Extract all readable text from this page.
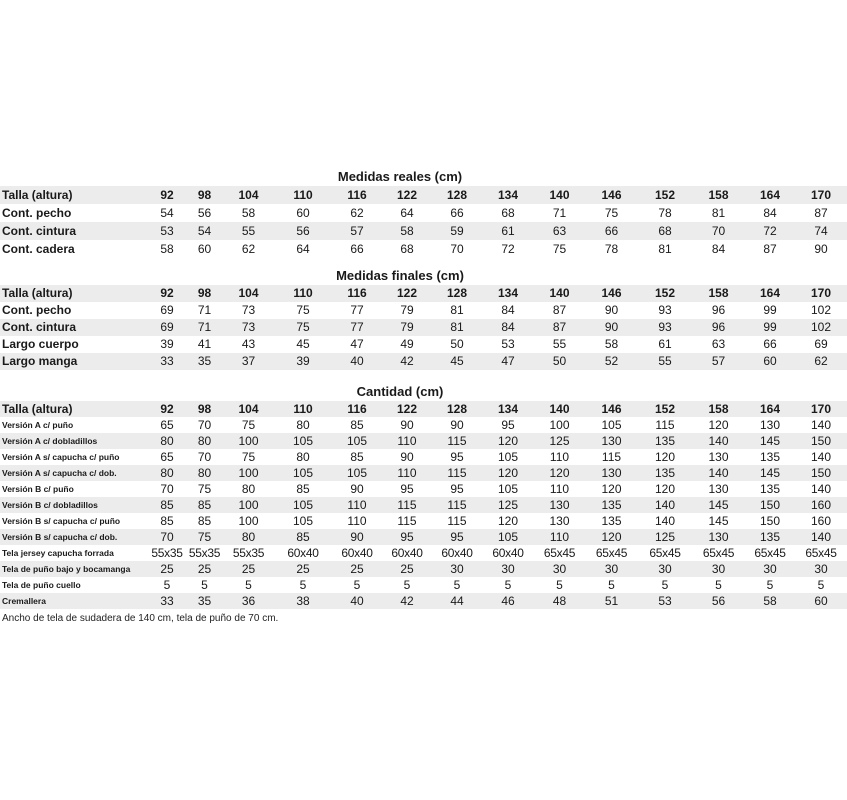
Medidas reales (cm)
Talla (altura)	92	98	104	110	116	122	128	134	140	146	152	158	164	170
Cont. pecho	54	56	58	60	62	64	66	68	71	75	78	81	84	87
Cont. cintura	53	54	55	56	57	58	59	61	63	66	68	70	72	74
Cont. cadera	58	60	62	64	66	68	70	72	75	78	81	84	87	90
Medidas finales (cm)
Talla (altura)	92	98	104	110	116	122	128	134	140	146	152	158	164	170
Cont. pecho	69	71	73	75	77	79	81	84	87	90	93	96	99	102
Cont. cintura	69	71	73	75	77	79	81	84	87	90	93	96	99	102
Largo cuerpo	39	41	43	45	47	49	50	53	55	58	61	63	66	69
Largo manga	33	35	37	39	40	42	45	47	50	52	55	57	60	62
Cantidad (cm)
Talla (altura)	92	98	104	110	116	122	128	134	140	146	152	158	164	170
Versión A c/ puño	65	70	75	80	85	90	90	95	100	105	115	120	130	140
Versión A c/ dobladillos	80	80	100	105	105	110	115	120	125	130	135	140	145	150
Versión A s/ capucha c/ puño	65	70	75	80	85	90	95	105	110	115	120	130	135	140
Versión A s/ capucha c/ dob.	80	80	100	105	105	110	115	120	120	130	135	140	145	150
Versión B c/ puño	70	75	80	85	90	95	95	105	110	120	120	130	135	140
Versión B c/ dobladillos	85	85	100	105	110	115	115	125	130	135	140	145	150	160
Versión B s/ capucha c/ puño	85	85	100	105	110	115	115	120	130	135	140	145	150	160
Versión B s/ capucha c/ dob.	70	75	80	85	90	95	95	105	110	120	125	130	135	140
Tela jersey capucha forrada	55x35	55x35	55x35	60x40	60x40	60x40	60x40	60x40	65x45	65x45	65x45	65x45	65x45	65x45
Tela de puño bajo y bocamanga	25	25	25	25	25	25	30	30	30	30	30	30	30	30
Tela de puño cuello	5	5	5	5	5	5	5	5	5	5	5	5	5	5
Cremallera	33	35	36	38	40	42	44	46	48	51	53	56	58	60
Ancho de tela de sudadera de 140 cm, tela de puño de 70 cm.
